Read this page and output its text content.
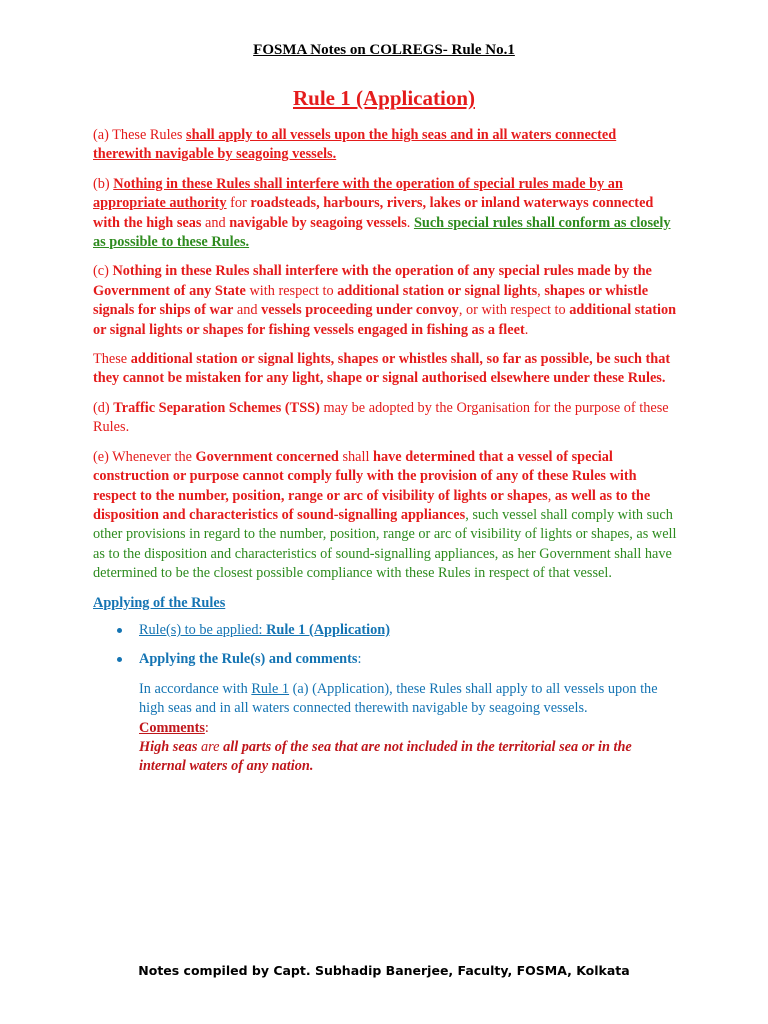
FOSMA Notes on COLREGS- Rule No.1
Rule 1 (Application)

(a) These Rules shall apply to all vessels upon the high seas and in all waters connected therewith navigable by seagoing vessels.

(b) Nothing in these Rules shall interfere with the operation of special rules made by an appropriate authority for roadsteads, harbours, rivers, lakes or inland waterways connected with the high seas and navigable by seagoing vessels. Such special rules shall conform as closely as possible to these Rules.

(c) Nothing in these Rules shall interfere with the operation of any special rules made by the Government of any State with respect to additional station or signal lights, shapes or whistle signals for ships of war and vessels proceeding under convoy, or with respect to additional station or signal lights or shapes for fishing vessels engaged in fishing as a fleet.

These additional station or signal lights, shapes or whistles shall, so far as possible, be such that they cannot be mistaken for any light, shape or signal authorised elsewhere under these Rules.

(d) Traffic Separation Schemes (TSS) may be adopted by the Organisation for the purpose of these Rules.

(e) Whenever the Government concerned shall have determined that a vessel of special construction or purpose cannot comply fully with the provision of any of these Rules with respect to the number, position, range or arc of visibility of lights or shapes, as well as to the disposition and characteristics of sound-signalling appliances, such vessel shall comply with such other provisions in regard to the number, position, range or arc of visibility of lights or shapes, as well as to the disposition and characteristics of sound-signalling appliances, as her Government shall have determined to be the closest possible compliance with these Rules in respect of that vessel.

Applying of the Rules

Rule(s) to be applied: Rule 1 (Application)
Applying the Rule(s) and comments:
In accordance with Rule 1 (a) (Application), these Rules shall apply to all vessels upon the high seas and in all waters connected therewith navigable by seagoing vessels.
Comments:
High seas are all parts of the sea that are not included in the territorial sea or in the internal waters of any nation.
Notes compiled by Capt. Subhadip Banerjee, Faculty, FOSMA, Kolkata
